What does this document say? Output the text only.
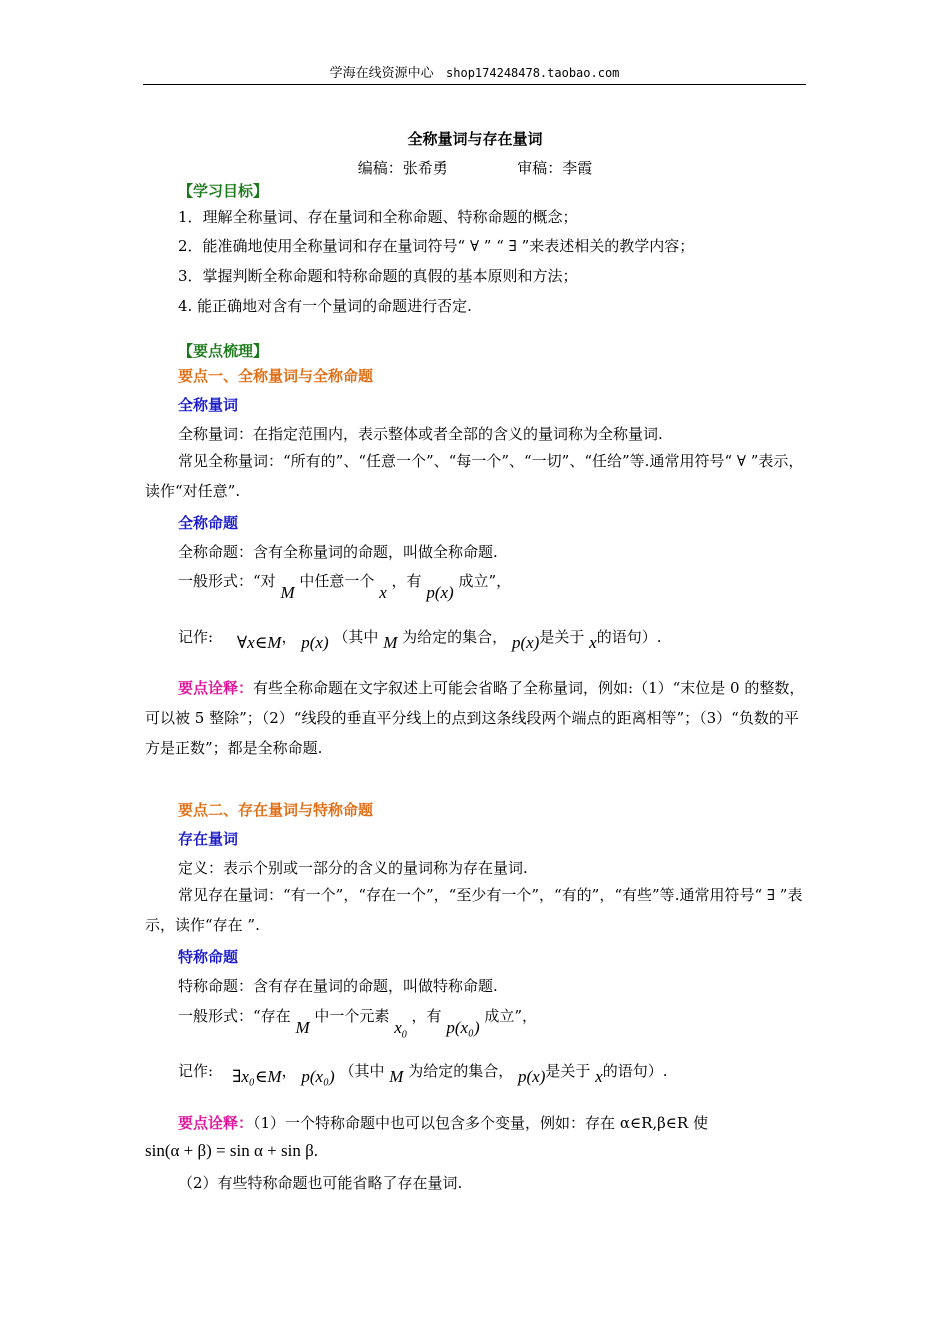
学海在线资源中心 shop174248478.taobao.com
全称量词与存在量词
编稿：张希勇	审稿：李霞
【学习目标】
1．理解全称量词、存在量词和全称命题、特称命题的概念；
2．能准确地使用全称量词和存在量词符号“ ∀ ” “ ∃ ”来表述相关的教学内容；
3．掌握判断全称命题和特称命题的真假的基本原则和方法；
4. 能正确地对含有一个量词的命题进行否定.
【要点梳理】
要点一、全称量词与全称命题
全称量词
全称量词：在指定范围内，表示整体或者全部的含义的量词称为全称量词.
常见全称量词：“所有的”、“任意一个”、“每一个”、“一切”、“任给”等.通常用符号“ ∀ ”表示，读作“对任意”.
全称命题
全称命题：含有全称量词的命题，叫做全称命题.
一般形式：“对 M 中任意一个 x ，有 p(x) 成立”，
记作: ∀x∈M， p(x) （其中 M 为给定的集合， p(x)是关于 x的语句）.
要点诠释：有些全称命题在文字叙述上可能会省略了全称量词，例如:（1）“末位是 0 的整数，可以被 5 整除”；（2）“线段的垂直平分线上的点到这条线段两个端点的距离相等”；（3）“负数的平方是正数”；都是全称命题.
要点二、存在量词与特称命题
存在量词
定义：表示个别或一部分的含义的量词称为存在量词.
常见存在量词：“有一个”，“存在一个”，“至少有一个”，“有的”，“有些”等.通常用符号“ ∃ ”表示，读作“存在 ”.
特称命题
特称命题：含有存在量词的命题，叫做特称命题.
一般形式：“存在 M 中一个元素 $x_0$ ，有 p(x₀) 成立”，
记作: ∃x₀∈M， p(x₀) （其中 M 为给定的集合， p(x)是关于 x的语句）.
要点诠释：（1）一个特称命题中也可以包含多个变量，例如：存在 α∈R,β∈R 使
sin(α + β) = sin α + sin β.
（2）有些特称命题也可能省略了存在量词.
